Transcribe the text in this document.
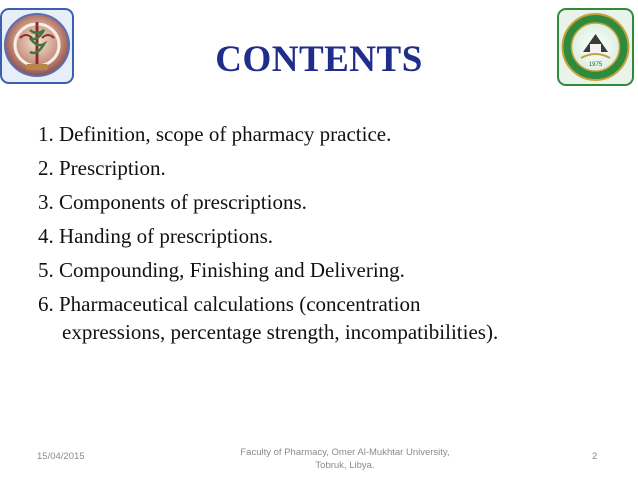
1975
CONTENTS
1. Definition, scope of pharmacy practice.
2. Prescription.
3. Components of prescriptions.
4. Handing of prescriptions.
5. Compounding, Finishing and Delivering.
6. Pharmaceutical calculations (concentration
expressions, percentage strength, incompatibilities).
15/04/2015	Faculty of Pharmacy, Omer Al-Mukhtar University,
Tobruk, Libya.
2
